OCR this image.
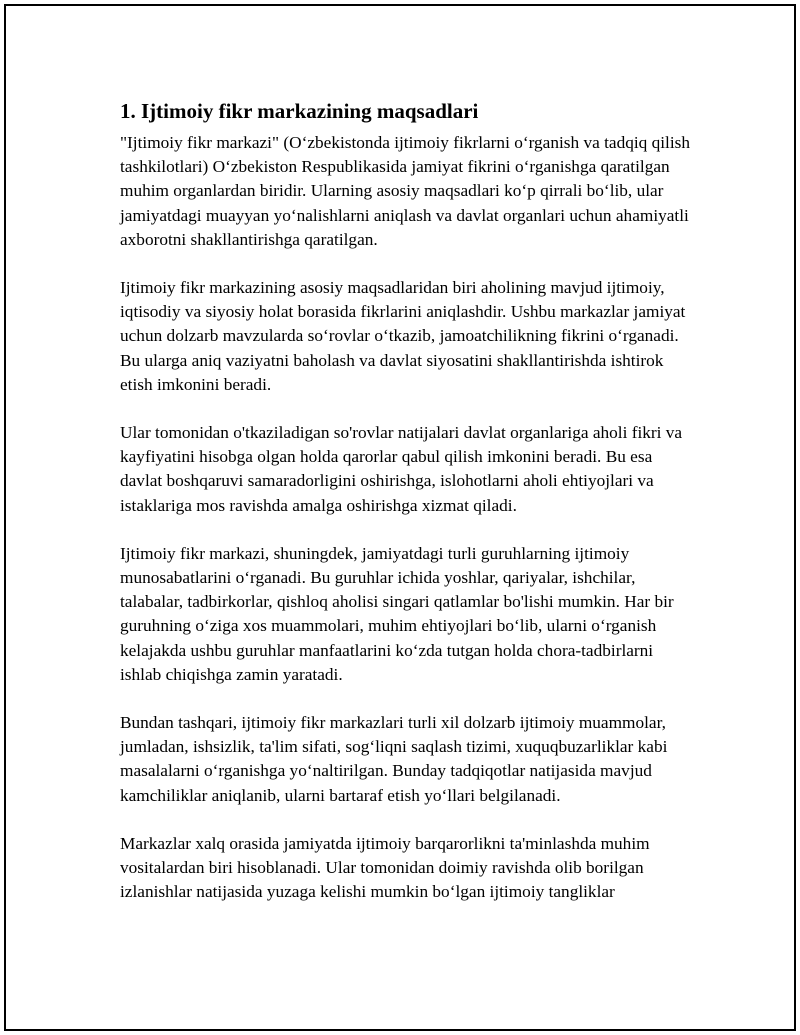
1. Ijtimoiy fikr markazining maqsadlari

"Ijtimoiy fikr markazi" (O‘zbekistonda ijtimoiy fikrlarni o‘rganish va tadqiq qilish tashkilotlari) O‘zbekiston Respublikasida jamiyat fikrini o‘rganishga qaratilgan muhim organlardan biridir. Ularning asosiy maqsadlari ko‘p qirrali bo‘lib, ular jamiyatdagi muayyan yo‘nalishlarni aniqlash va davlat organlari uchun ahamiyatli axborotni shakllantirishga qaratilgan.

Ijtimoiy fikr markazining asosiy maqsadlaridan biri aholining mavjud ijtimoiy, iqtisodiy va siyosiy holat borasida fikrlarini aniqlashdir. Ushbu markazlar jamiyat uchun dolzarb mavzularda so‘rovlar o‘tkazib, jamoatchilikning fikrini o‘rganadi. Bu ularga aniq vaziyatni baholash va davlat siyosatini shakllantirishda ishtirok etish imkonini beradi.

Ular tomonidan o'tkaziladigan so'rovlar natijalari davlat organlariga aholi fikri va kayfiyatini hisobga olgan holda qarorlar qabul qilish imkonini beradi. Bu esa davlat boshqaruvi samaradorligini oshirishga, islohotlarni aholi ehtiyojlari va istaklariga mos ravishda amalga oshirishga xizmat qiladi.

Ijtimoiy fikr markazi, shuningdek, jamiyatdagi turli guruhlarning ijtimoiy munosabatlarini o‘rganadi. Bu guruhlar ichida yoshlar, qariyalar, ishchilar, talabalar, tadbirkorlar, qishloq aholisi singari qatlamlar bo'lishi mumkin. Har bir guruhning o‘ziga xos muammolari, muhim ehtiyojlari bo‘lib, ularni o‘rganish kelajakda ushbu guruhlar manfaatlarini ko‘zda tutgan holda chora-tadbirlarni ishlab chiqishga zamin yaratadi.

Bundan tashqari, ijtimoiy fikr markazlari turli xil dolzarb ijtimoiy muammolar, jumladan, ishsizlik, ta'lim sifati, sog‘liqni saqlash tizimi, xuquqbuzarliklar kabi masalalarni o‘rganishga yo‘naltirilgan. Bunday tadqiqotlar natijasida mavjud kamchiliklar aniqlanib, ularni bartaraf etish yo‘llari belgilanadi.

Markazlar xalq orasida jamiyatda ijtimoiy barqarorlikni ta'minlashda muhim vositalardan biri hisoblanadi. Ular tomonidan doimiy ravishda olib borilgan izlanishlar natijasida yuzaga kelishi mumkin bo‘lgan ijtimoiy tangliklar
